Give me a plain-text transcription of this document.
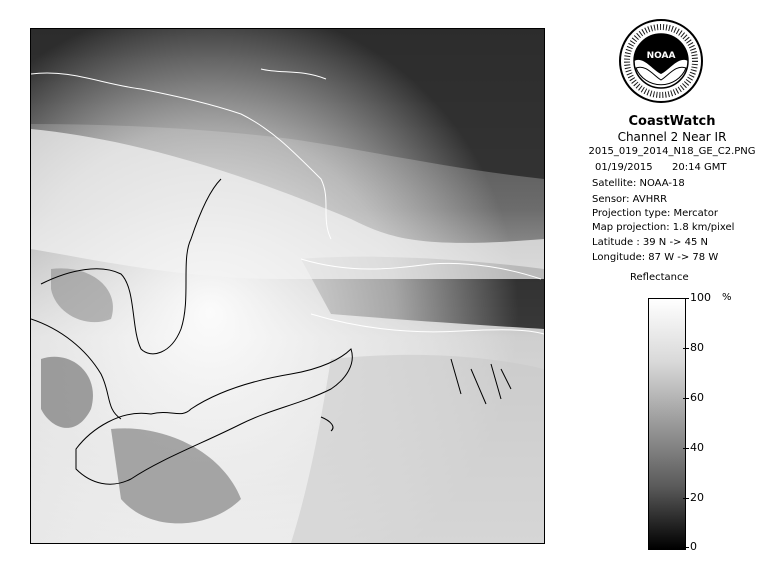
NOAA
CoastWatch
Channel 2 Near IR
2015_019_2014_N18_GE_C2.PNG
01/19/2015 20:14 GMT
Satellite: NOAA-18
Sensor: AVHRR
Projection type: Mercator
Map projection: 1.8 km/pixel
Latitude : 39 N -> 45 N
Longitude: 87 W -> 78 W
Reflectance
%
100
80
60
40
20
0
